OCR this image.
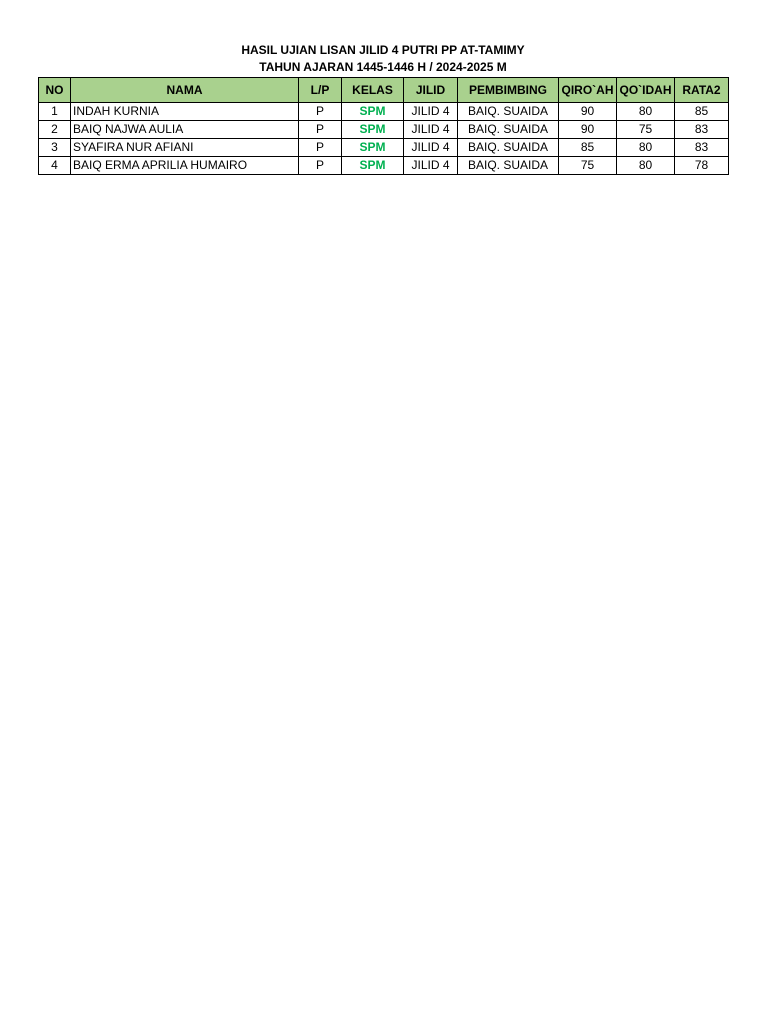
HASIL UJIAN LISAN JILID 4 PUTRI PP AT-TAMIMY
TAHUN AJARAN 1445-1446 H / 2024-2025 M
NO	NAMA	L/P	KELAS	JILID	PEMBIMBING	QIRO`AH	QO`IDAH	RATA2
1	INDAH KURNIA	P	SPM	JILID 4	BAIQ. SUAIDA	90	80	85
2	BAIQ NAJWA AULIA	P	SPM	JILID 4	BAIQ. SUAIDA	90	75	83
3	SYAFIRA NUR AFIANI	P	SPM	JILID 4	BAIQ. SUAIDA	85	80	83
4	BAIQ ERMA APRILIA HUMAIRO	P	SPM	JILID 4	BAIQ. SUAIDA	75	80	78
